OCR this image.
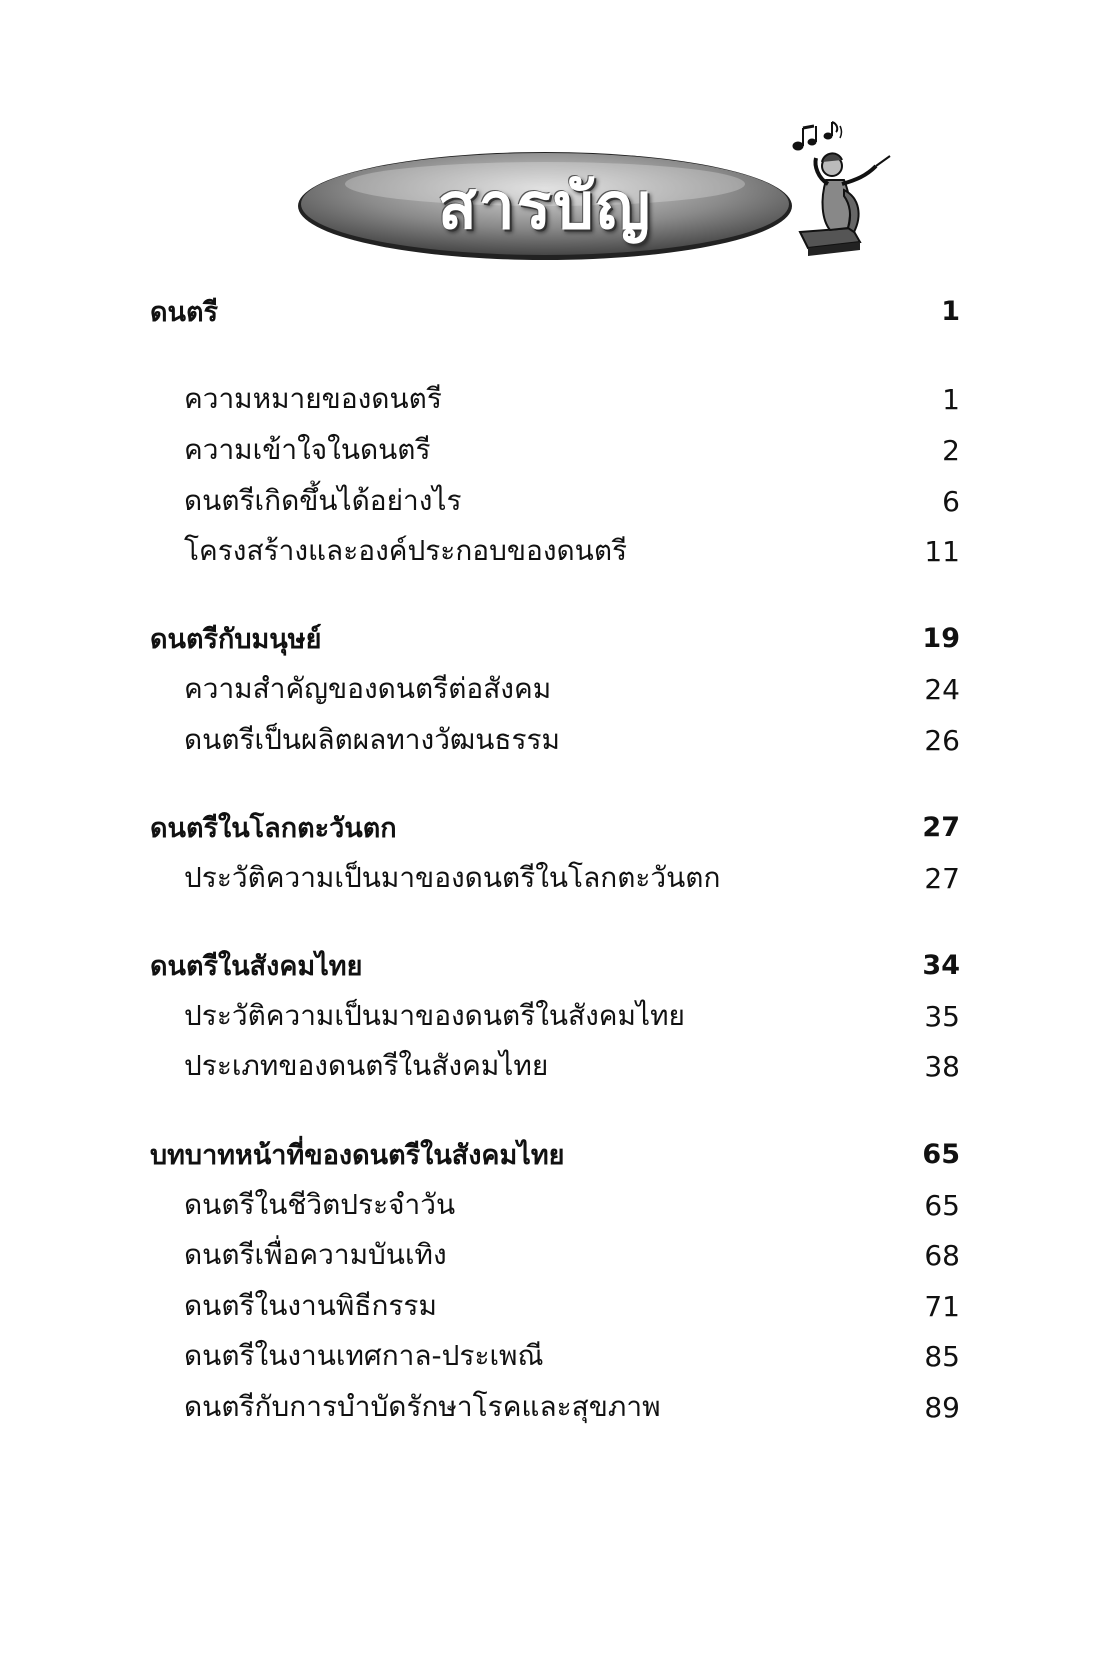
สารบัญ
ดนตรี	1
ความหมายของดนตรี	1
ความเข้าใจในดนตรี	2
ดนตรีเกิดขึ้นได้อย่างไร	6
โครงสร้างและองค์ประกอบของดนตรี	11
ดนตรีกับมนุษย์	19
ความสำคัญของดนตรีต่อสังคม	24
ดนตรีเป็นผลิตผลทางวัฒนธรรม	26
ดนตรีในโลกตะวันตก	27
ประวัติความเป็นมาของดนตรีในโลกตะวันตก	27
ดนตรีในสังคมไทย	34
ประวัติความเป็นมาของดนตรีในสังคมไทย	35
ประเภทของดนตรีในสังคมไทย	38
บทบาทหน้าที่ของดนตรีในสังคมไทย	65
ดนตรีในชีวิตประจำวัน	65
ดนตรีเพื่อความบันเทิง	68
ดนตรีในงานพิธีกรรม	71
ดนตรีในงานเทศกาล-ประเพณี	85
ดนตรีกับการบำบัดรักษาโรคและสุขภาพ	89
